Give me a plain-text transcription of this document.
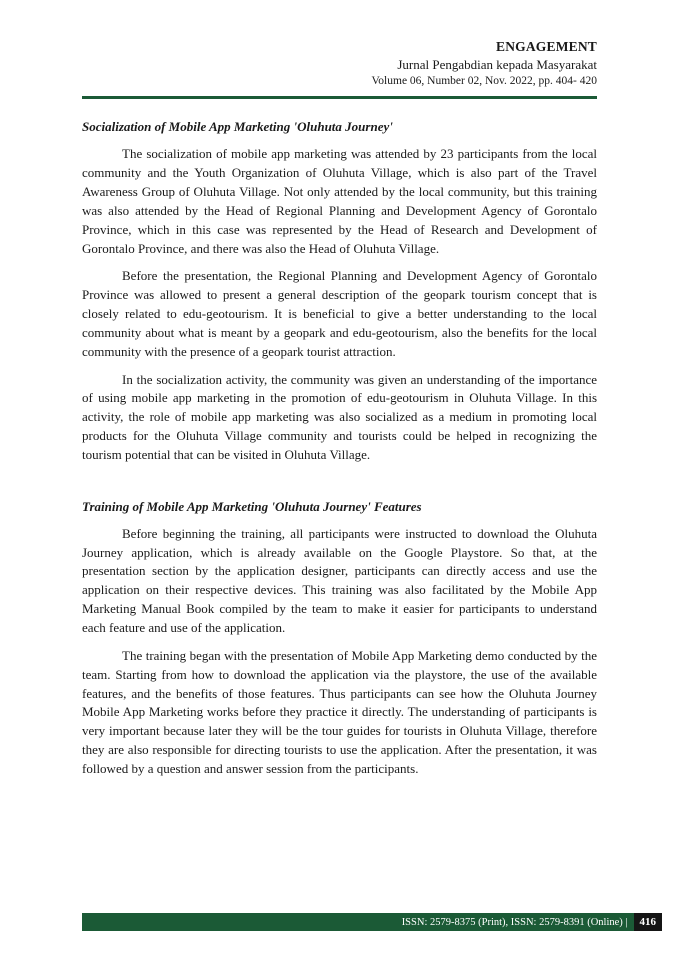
ENGAGEMENT
Jurnal Pengabdian kepada Masyarakat
Volume 06, Number 02, Nov. 2022, pp. 404- 420
Socialization of Mobile App Marketing 'Oluhuta Journey'

The socialization of mobile app marketing was attended by 23 participants from the local community and the Youth Organization of Oluhuta Village, which is also part of the Travel Awareness Group of Oluhuta Village. Not only attended by the local community, but this training was also attended by the Head of Regional Planning and Development Agency of Gorontalo Province, which in this case was represented by the Head of Research and Development of Gorontalo Province, and there was also the Head of Oluhuta Village.

Before the presentation, the Regional Planning and Development Agency of Gorontalo Province was allowed to present a general description of the geopark tourism concept that is closely related to edu-geotourism. It is beneficial to give a better understanding to the local community about what is meant by a geopark and edu-geotourism, also the benefits for the local community with the presence of a geopark tourist attraction.

In the socialization activity, the community was given an understanding of the importance of using mobile app marketing in the promotion of edu-geotourism in Oluhuta Village. In this activity, the role of mobile app marketing was also socialized as a medium in promoting local products for the Oluhuta Village community and tourists could be helped in recognizing the tourism potential that can be visited in Oluhuta Village.

Training of Mobile App Marketing 'Oluhuta Journey' Features

Before beginning the training, all participants were instructed to download the Oluhuta Journey application, which is already available on the Google Playstore. So that, at the presentation section by the application designer, participants can directly access and use the application on their respective devices. This training was also facilitated by the Mobile App Marketing Manual Book compiled by the team to make it easier for participants to understand each feature and use of the application.

The training began with the presentation of Mobile App Marketing demo conducted by the team. Starting from how to download the application via the playstore, the use of the available features, and the benefits of those features. Thus participants can see how the Oluhuta Journey Mobile App Marketing works before they practice it directly. The understanding of participants is very important because later they will be the tour guides for tourists in Oluhuta Village, therefore they are also responsible for directing tourists to use the application. After the presentation, it was followed by a question and answer session from the participants.

ISSN: 2579-8375 (Print), ISSN: 2579-8391 (Online) |	416
